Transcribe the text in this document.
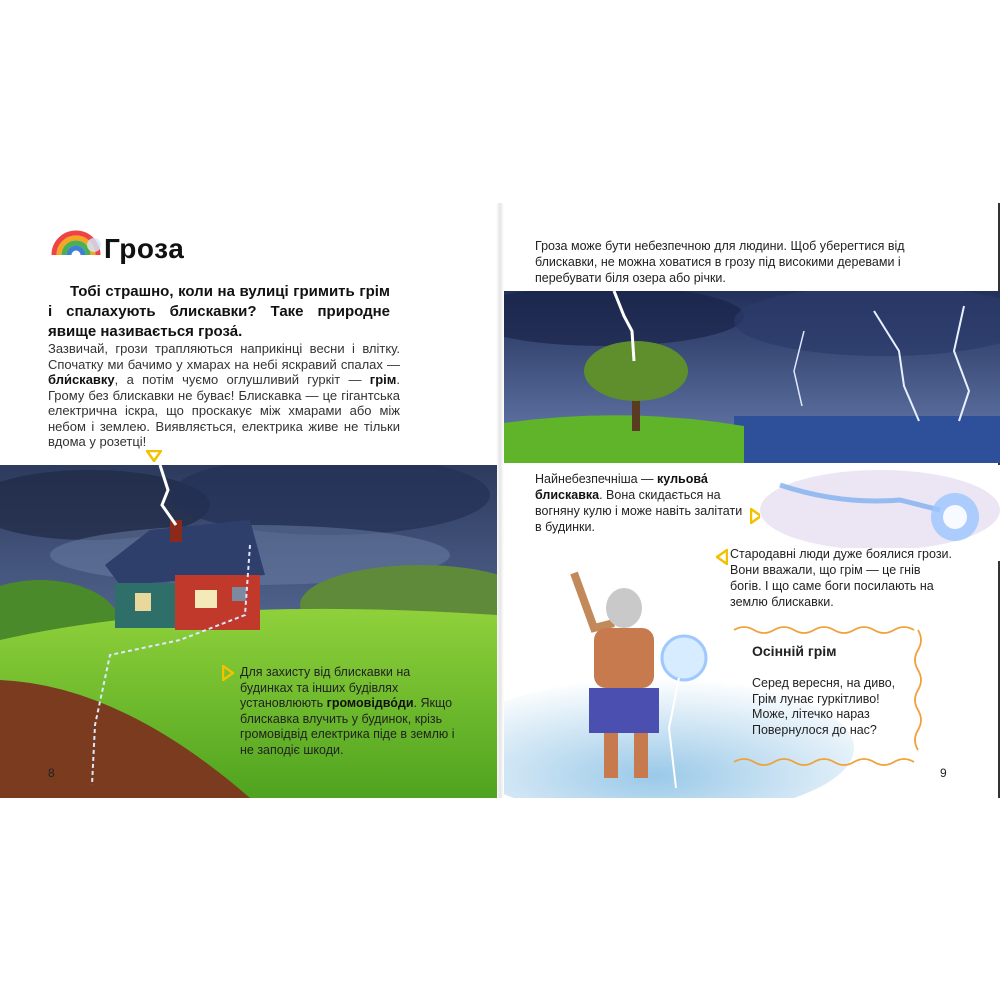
Гроза

Тобі страшно, коли на вулиці гримить грім і спалахують блискавки? Таке природне явище називається гроза́.

Зазвичай, грози трапляються наприкінці весни і влітку. Спочатку ми бачимо у хмарах на небі яскравий спалах — бли́скавку, а потім чуємо оглушливий гуркіт — грім. Грому без блискавки не буває! Блискавка — це гігантська електрична іскра, що проскакує між хмарами або між небом і землею. Виявляється, електрика живе не тільки вдома у розетці!

Для захисту від блискавки на будинках та інших будівлях установлюють громовідво́ди. Якщо блискавка влучить у будинок, крізь громовідвід електрика піде в землю і не заподіє шкоди.

8

Гроза може бути небезпечною для людини. Щоб уберегтися від блискавки, не можна ховатися в грозу під високими деревами і перебувати біля озера або річки.

Найнебезпечніша — кульова́ блискавка. Вона скидається на вогняну кулю і може навіть залітати в будинки.

Стародавні люди дуже боялися грози. Вони вважали, що грім — це гнів богів. І що саме боги посилають на землю блискавки.

Осінній грім

Серед вересня, на диво,

Грім лунає гуркітливо!

Може, літечко нараз

Повернулося до нас?

9
